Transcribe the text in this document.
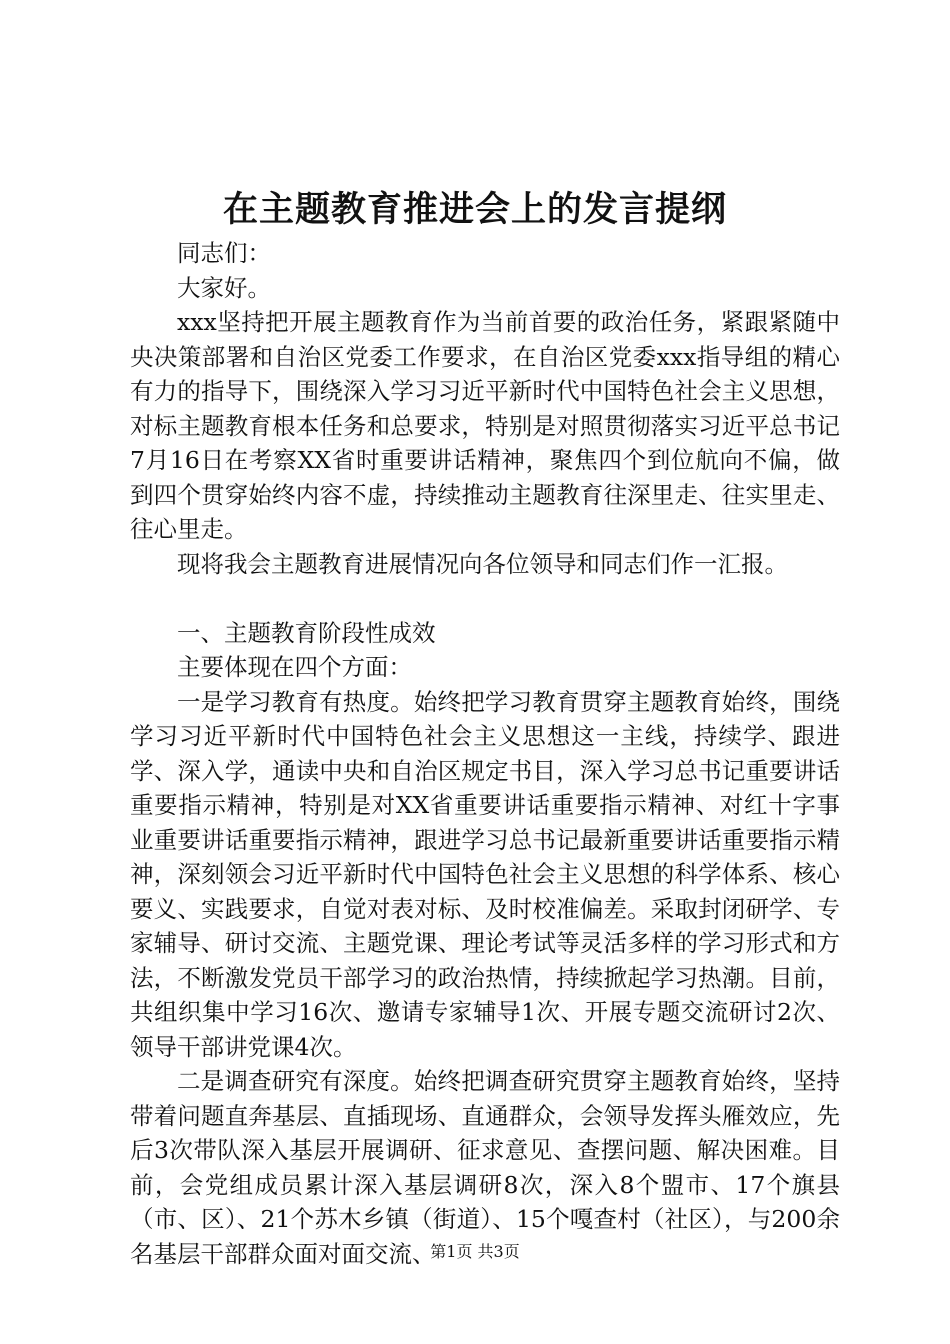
在主题教育推进会上的发言提纲

同志们：

大家好。

xxx坚持把开展主题教育作为当前首要的政治任务，紧跟紧随中央决策部署和自治区党委工作要求，在自治区党委xxx指导组的精心有力的指导下，围绕深入学习习近平新时代中国特色社会主义思想，对标主题教育根本任务和总要求，特别是对照贯彻落实习近平总书记7月16日在考察XX省时重要讲话精神，聚焦四个到位航向不偏，做到四个贯穿始终内容不虚，持续推动主题教育往深里走、往实里走、往心里走。

现将我会主题教育进展情况向各位领导和同志们作一汇报。

一、主题教育阶段性成效

主要体现在四个方面：

一是学习教育有热度。始终把学习教育贯穿主题教育始终，围绕学习习近平新时代中国特色社会主义思想这一主线，持续学、跟进学、深入学，通读中央和自治区规定书目，深入学习总书记重要讲话重要指示精神，特别是对XX省重要讲话重要指示精神、对红十字事业重要讲话重要指示精神，跟进学习总书记最新重要讲话重要指示精神，深刻领会习近平新时代中国特色社会主义思想的科学体系、核心要义、实践要求，自觉对表对标、及时校准偏差。采取封闭研学、专家辅导、研讨交流、主题党课、理论考试等灵活多样的学习形式和方法，不断激发党员干部学习的政治热情，持续掀起学习热潮。目前，共组织集中学习16次、邀请专家辅导1次、开展专题交流研讨2次、领导干部讲党课4次。

二是调查研究有深度。始终把调查研究贯穿主题教育始终，坚持带着问题直奔基层、直插现场、直通群众，会领导发挥头雁效应，先后3次带队深入基层开展调研、征求意见、查摆问题、解决困难。目前，会党组成员累计深入基层调研8次，深入8个盟市、17个旗县（市、区）、21个苏木乡镇（街道）、15个嘎查村（社区），与200余名基层干部群众面对面交流、

第1页 共3页
